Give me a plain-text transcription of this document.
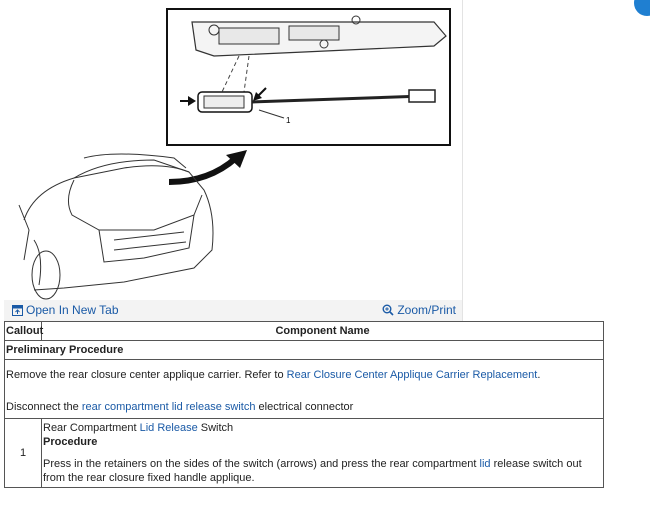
1
Open In New Tab	Zoom/Print
Callout	Component Name
Preliminary Procedure	

Remove the rear closure center applique carrier. Refer to Rear Closure Center Applique Carrier Replacement.
Disconnect the rear compartment lid release switch electrical connector	

1	Rear Compartment Lid Release Switch
Procedure
Press in the retainers on the sides of the switch (arrows) and press the rear compartment lid release switch out from the rear closure fixed handle applique.
